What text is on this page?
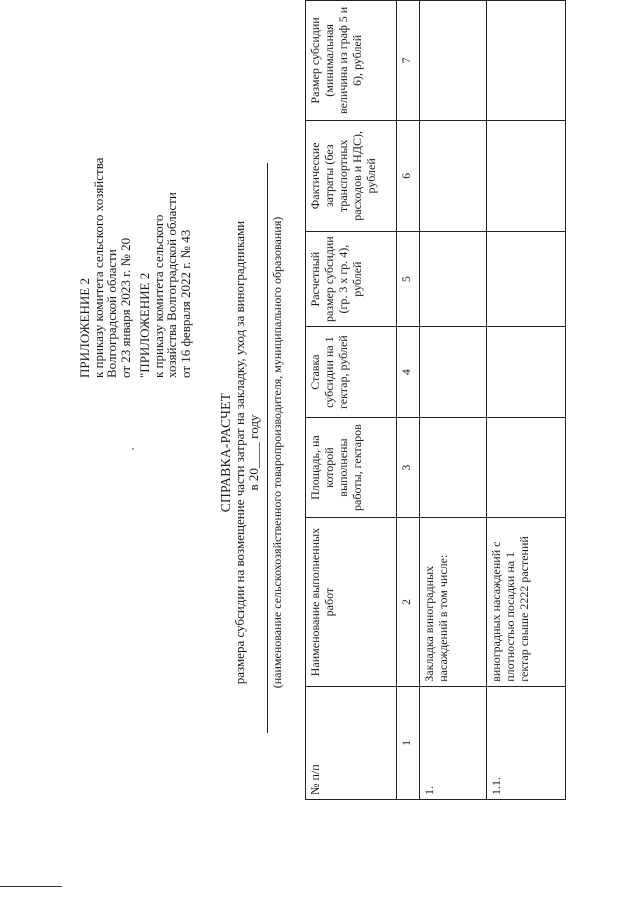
ПРИЛОЖЕНИЕ 2
к приказу комитета сельского хозяйства
Волгоградской области
от 23 января 2023 г. № 20 "ПРИЛОЖЕНИЕ 2
к приказу комитета сельского
хозяйства Волгоградской области
от 16 февраля 2022 г. № 43
СПРАВКА-РАСЧЕТ размера субсидии на возмещение части затрат на закладку, уход за виноградниками в 20____ году (наименование сельскохозяйственного товаропроизводителя, муниципального образования)
№ п/п	Наименование выполненных работ	Площадь, на которой выполнены работы, гектаров	Ставка субсидии на 1 гектар, рублей	Расчетный размер субсидии (гр. 3 x гр. 4), рублей	Фактические затраты (без транспортных расходов и НДС), рублей	Размер субсидии (минимальная величина из граф 5 и 6), рублей
1	2	3	4	5	6	7
1.	Закладка виноградных насаждений в том числе:					
1.1.	виноградных насаждений с плотностью посадки на 1 гектар свыше 2222 растений					
